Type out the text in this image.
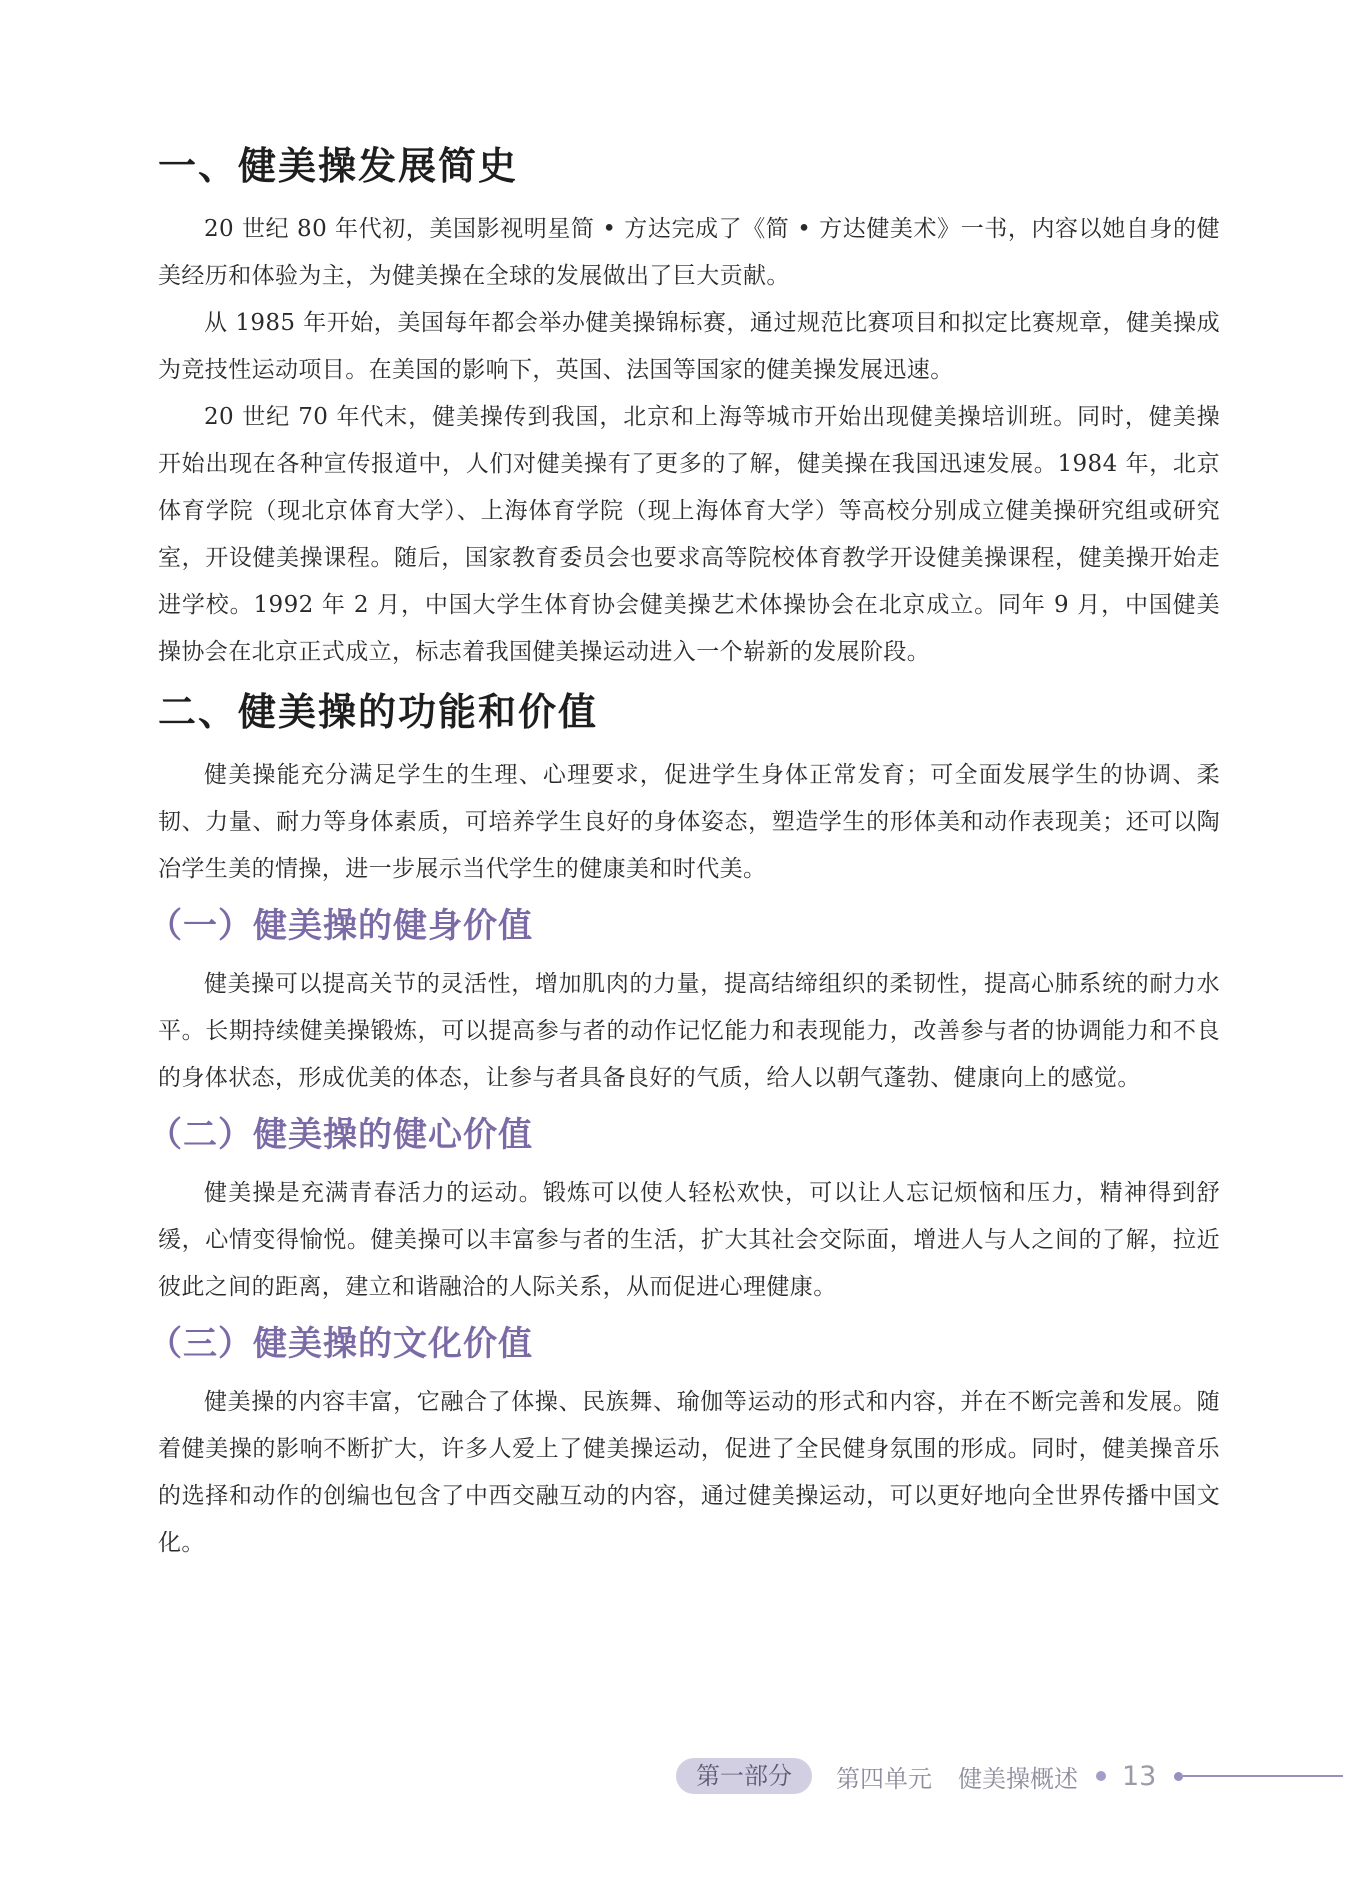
一、健美操发展简史

20 世纪 80 年代初，美国影视明星简 • 方达完成了《简 • 方达健美术》一书，内容以她自身的健美经历和体验为主，为健美操在全球的发展做出了巨大贡献。

从 1985 年开始，美国每年都会举办健美操锦标赛，通过规范比赛项目和拟定比赛规章，健美操成为竞技性运动项目。在美国的影响下，英国、法国等国家的健美操发展迅速。

20 世纪 70 年代末，健美操传到我国，北京和上海等城市开始出现健美操培训班。同时，健美操开始出现在各种宣传报道中，人们对健美操有了更多的了解，健美操在我国迅速发展。1984 年，北京体育学院（现北京体育大学）、上海体育学院（现上海体育大学）等高校分别成立健美操研究组或研究室，开设健美操课程。随后，国家教育委员会也要求高等院校体育教学开设健美操课程，健美操开始走进学校。1992 年 2 月，中国大学生体育协会健美操艺术体操协会在北京成立。同年 9 月，中国健美操协会在北京正式成立，标志着我国健美操运动进入一个崭新的发展阶段。

二、健美操的功能和价值

健美操能充分满足学生的生理、心理要求，促进学生身体正常发育；可全面发展学生的协调、柔韧、力量、耐力等身体素质，可培养学生良好的身体姿态，塑造学生的形体美和动作表现美；还可以陶冶学生美的情操，进一步展示当代学生的健康美和时代美。

（一）健美操的健身价值

健美操可以提高关节的灵活性，增加肌肉的力量，提高结缔组织的柔韧性，提高心肺系统的耐力水平。长期持续健美操锻炼，可以提高参与者的动作记忆能力和表现能力，改善参与者的协调能力和不良的身体状态，形成优美的体态，让参与者具备良好的气质，给人以朝气蓬勃、健康向上的感觉。

（二）健美操的健心价值

健美操是充满青春活力的运动。锻炼可以使人轻松欢快，可以让人忘记烦恼和压力，精神得到舒缓，心情变得愉悦。健美操可以丰富参与者的生活，扩大其社会交际面，增进人与人之间的了解，拉近彼此之间的距离，建立和谐融洽的人际关系，从而促进心理健康。

（三）健美操的文化价值

健美操的内容丰富，它融合了体操、民族舞、瑜伽等运动的形式和内容，并在不断完善和发展。随着健美操的影响不断扩大，许多人爱上了健美操运动，促进了全民健身氛围的形成。同时，健美操音乐的选择和动作的创编也包含了中西交融互动的内容，通过健美操运动，可以更好地向全世界传播中国文化。

第一部分	第四单元 健美操概述 13
